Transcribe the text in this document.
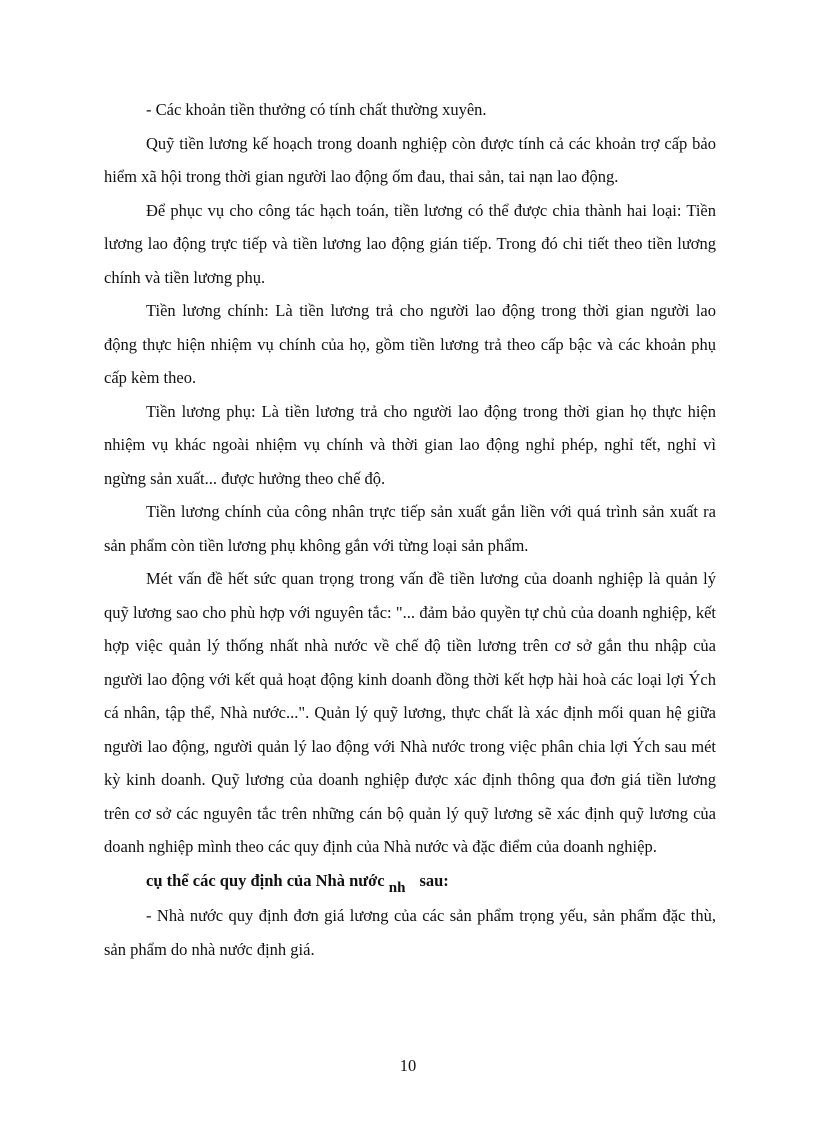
- Các khoản tiền thưởng có tính chất thường xuyên.

Quỹ tiền lương kế hoạch trong doanh nghiệp còn được tính cả các khoản trợ cấp bảo hiểm xã hội trong thời gian người lao động ốm đau, thai sản, tai nạn lao động.

Để phục vụ cho công tác hạch toán, tiền lương có thể được chia thành hai loại: Tiền lương lao động trực tiếp và tiền lương lao động gián tiếp. Trong đó chi tiết theo tiền lương chính và tiền lương phụ.

Tiền lương chính: Là tiền lương trả cho người lao động trong thời gian người lao động thực hiện nhiệm vụ chính của họ, gồm tiền lương trả theo cấp bậc và các khoản phụ cấp kèm theo.

Tiền lương phụ: Là tiền lương trả cho người lao động trong thời gian họ thực hiện nhiệm vụ khác ngoài nhiệm vụ chính và thời gian lao động nghỉ phép, nghỉ tết, nghỉ vì ngừng sản xuất... được hưởng theo chế độ.

Tiền lương chính của công nhân trực tiếp sản xuất gắn liền với quá trình sản xuất ra sản phẩm còn tiền lương phụ không gắn với từng loại sản phẩm.

Mét vấn đề hết sức quan trọng trong vấn đề tiền lương của doanh nghiệp là quản lý quỹ lương sao cho phù hợp với nguyên tắc: "... đảm bảo quyền tự chủ của doanh nghiệp, kết hợp việc quản lý thống nhất nhà nước về chế độ tiền lương trên cơ sở gắn thu nhập của người lao động với kết quả hoạt động kinh doanh đồng thời kết hợp hài hoà các loại lợi Ých cá nhân, tập thể, Nhà nước...". Quản lý quỹ lương, thực chất là xác định mối quan hệ giữa người lao động, người quản lý lao động với Nhà nước trong việc phân chia lợi Ých sau mét kỳ kinh doanh. Quỹ lương của doanh nghiệp được xác định thông qua đơn giá tiền lương trên cơ sở các nguyên tắc trên những cán bộ quản lý quỹ lương sẽ xác định quỹ lương của doanh nghiệp mình theo các quy định của Nhà nước và đặc điểm của doanh nghiệp.

cụ thể các quy định của Nhà nước nh sau:

- Nhà nước quy định đơn giá lương của các sản phẩm trọng yếu, sản phẩm đặc thù, sản phẩm do nhà nước định giá.

10
